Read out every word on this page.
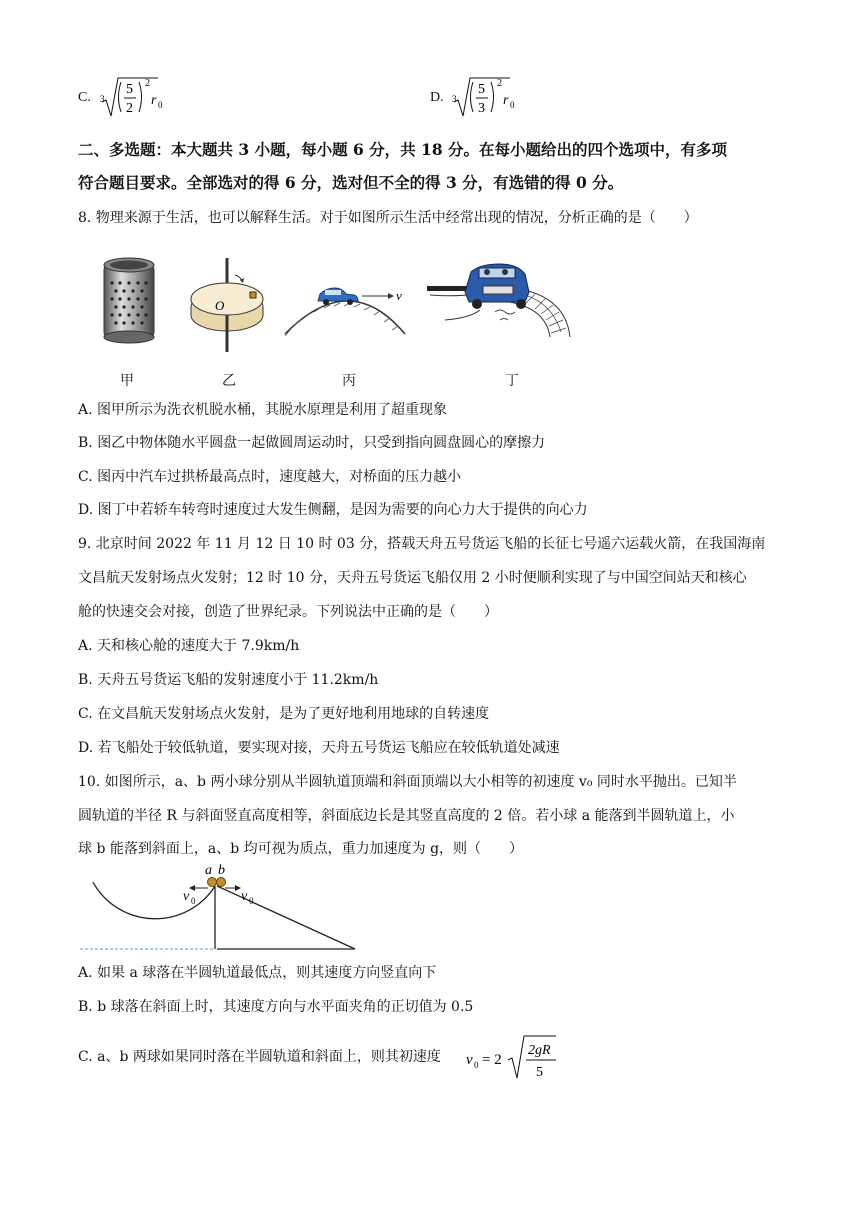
C. 3
5
2
2
r 0	D. 3
5
3
2
r 0
二、多选题：本大题共 3 小题，每小题 6 分，共 18 分。在每小题给出的四个选项中，有多项
符合题目要求。全部选对的得 6 分，选对但不全的得 3 分，有选错的得 0 分。
8. 物理来源于生活，也可以解释生活。对于如图所示生活中经常出现的情况，分析正确的是（　　）
O
v
甲	乙	丙	丁
A. 图甲所示为洗衣机脱水桶，其脱水原理是利用了超重现象
B. 图乙中物体随水平圆盘一起做圆周运动时，只受到指向圆盘圆心的摩擦力
C. 图丙中汽车过拱桥最高点时，速度越大，对桥面的压力越小
D. 图丁中若轿车转弯时速度过大发生侧翻，是因为需要的向心力大于提供的向心力
9. 北京时间 2022 年 11 月 12 日 10 时 03 分，搭载天舟五号货运飞船的长征七号遥六运载火箭，在我国海南
文昌航天发射场点火发射；12 时 10 分，天舟五号货运飞船仅用 2 小时便顺利实现了与中国空间站天和核心
舱的快速交会对接，创造了世界纪录。下列说法中正确的是（　　）
A. 天和核心舱的速度大于 7.9km/h
B. 天舟五号货运飞船的发射速度小于 11.2km/h
C. 在文昌航天发射场点火发射，是为了更好地利用地球的自转速度
D. 若飞船处于较低轨道，要实现对接，天舟五号货运飞船应在较低轨道处减速
10. 如图所示，a、b 两小球分别从半圆轨道顶端和斜面顶端以大小相等的初速度 v₀ 同时水平抛出。已知半
圆轨道的半径 R 与斜面竖直高度相等，斜面底边长是其竖直高度的 2 倍。若小球 a 能落到半圆轨道上，小
球 b 能落到斜面上，a、b 均可视为质点，重力加速度为 g，则（　　）
a b
v 0	v 0
A. 如果 a 球落在半圆轨道最低点，则其速度方向竖直向下
B. b 球落在斜面上时，其速度方向与水平面夹角的正切值为 0.5
C. a、b 两球如果同时落在半圆轨道和斜面上，则其初速度 v 0 = 2
2gR
5
